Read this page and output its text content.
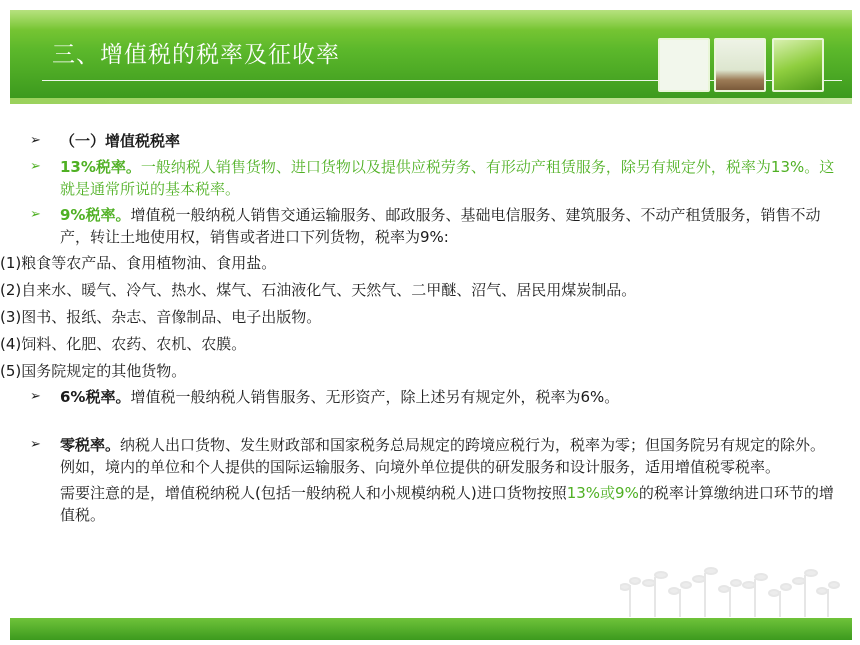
三、增值税的税率及征收率
➢ （一）增值税税率
➢ 13%税率。一般纳税人销售货物、进口货物以及提供应税劳务、有形动产租赁服务，除另有规定外，税率为13%。这就是通常所说的基本税率。
➢ 9%税率。增值税一般纳税人销售交通运输服务、邮政服务、基础电信服务、建筑服务、不动产租赁服务，销售不动产，转让土地使用权，销售或者进口下列货物，税率为9%:
(1)粮食等农产品、食用植物油、食用盐。
(2)自来水、暖气、冷气、热水、煤气、石油液化气、天然气、二甲醚、沼气、居民用煤炭制品。
(3)图书、报纸、杂志、音像制品、电子出版物。
(4)饲料、化肥、农药、农机、农膜。
(5)国务院规定的其他货物。
➢ 6%税率。增值税一般纳税人销售服务、无形资产，除上述另有规定外，税率为6%。
➢ 零税率。纳税人出口货物、发生财政部和国家税务总局规定的跨境应税行为，税率为零；但国务院另有规定的除外。
例如，境内的单位和个人提供的国际运输服务、向境外单位提供的研发服务和设计服务，适用增值税零税率。
需要注意的是，增值税纳税人(包括一般纳税人和小规模纳税人)进口货物按照13%或9%的税率计算缴纳进口环节的增值税。
